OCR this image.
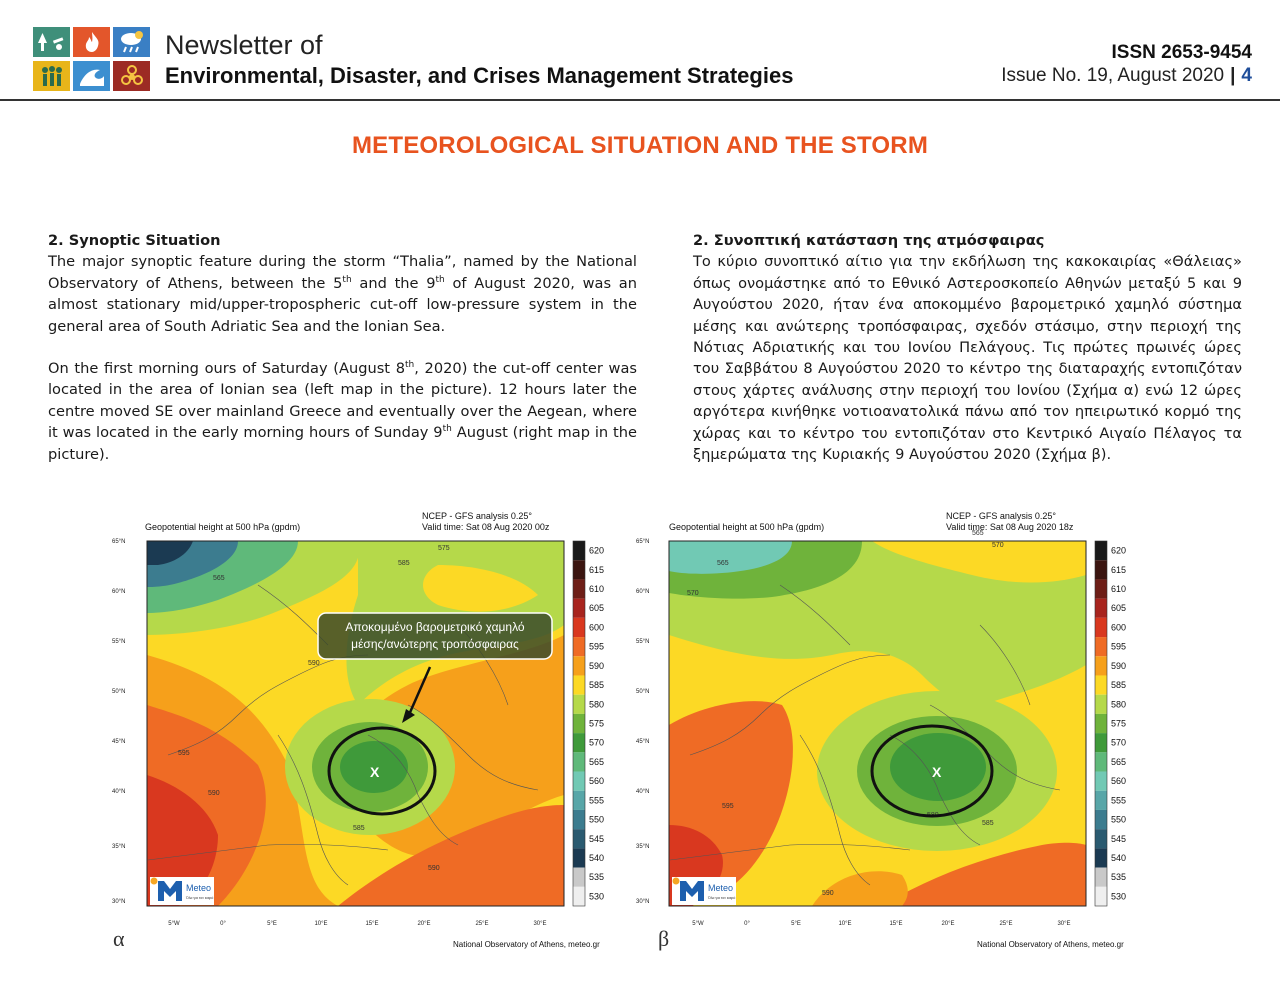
Newsletter of
Environmental, Disaster, and Crises Management Strategies
ISSN 2653-9454
Issue No. 19, August 2020 | 4
METEOROLOGICAL SITUATION AND THE STORM
2. Synoptic Situation

The major synoptic feature during the storm “Thalia”, named by the National Observatory of Athens, between the 5th and the 9th of August 2020, was an almost stationary mid/upper-tropospheric cut-off low-pressure system in the general area of South Adriatic Sea and the Ionian Sea.

On the first morning ours of Saturday (August 8th, 2020) the cut-off center was located in the area of Ionian sea (left map in the picture). 12 hours later the centre moved SE over mainland Greece and eventually over the Aegean, where it was located in the early morning hours of Sunday 9th August (right map in the picture).

2. Συνοπτική κατάσταση της ατμόσφαιρας

Το κύριο συνοπτικό αίτιο για την εκδήλωση της κακοκαιρίας «Θάλειας» όπως ονομάστηκε από το Εθνικό Αστεροσκοπείο Αθηνών μεταξύ 5 και 9 Αυγούστου 2020, ήταν ένα αποκομμένο βαρομετρικό χαμηλό σύστημα μέσης και ανώτερης τροπόσφαιρας, σχεδόν στάσιμο, στην περιοχή της Νότιας Αδριατικής και του Ιονίου Πελάγους. Τις πρώτες πρωινές ώρες του Σαββάτου 8 Αυγούστου 2020 το κέντρο της διαταραχής εντοπιζόταν στους χάρτες ανάλυσης στην περιοχή του Ιονίου (Σχήμα α) ενώ 12 ώρες αργότερα κινήθηκε νοτιοανατολικά πάνω από τον ηπειρωτικό κορμό της χώρας και το κέντρο του εντοπιζόταν στο Κεντρικό Αιγαίο Πέλαγος τα ξημερώματα της Κυριακής 9 Αυγούστου 2020 (Σχήμα β).

Geopotential height at 500 hPa (gpdm)
NCEP - GFS analysis 0.25°
Valid time: Sat 08 Aug 2020 00z
565
585
575
590
595
590
585
590
X
Αποκομμένο βαρομετρικό χαμηλό
μέσης/ανώτερης τροπόσφαιρας
65°N
60°N
55°N
50°N
45°N
40°N
35°N
30°N
5°W	0°	5°E	10°E	15°E	20°E	25°E	30°E
620
615
610
605
600
595
590
585
580
575
570
565
560
555
550
545
540
535
530
Meteo
Όλα για τον καιρό
National Observatory of Athens, meteo.gr
α
Geopotential height at 500 hPa (gpdm)
NCEP - GFS analysis 0.25°
Valid time: Sat 08 Aug 2020 18z
565
570
565
570
595
580
585
590
X
65°N
60°N
55°N
50°N
45°N
40°N
35°N
30°N
5°W	0°	5°E	10°E	15°E	20°E	25°E	30°E
620
615
610
605
600
595
590
585
580
575
570
565
560
555
550
545
540
535
530
Meteo
Όλα για τον καιρό
National Observatory of Athens, meteo.gr
β
